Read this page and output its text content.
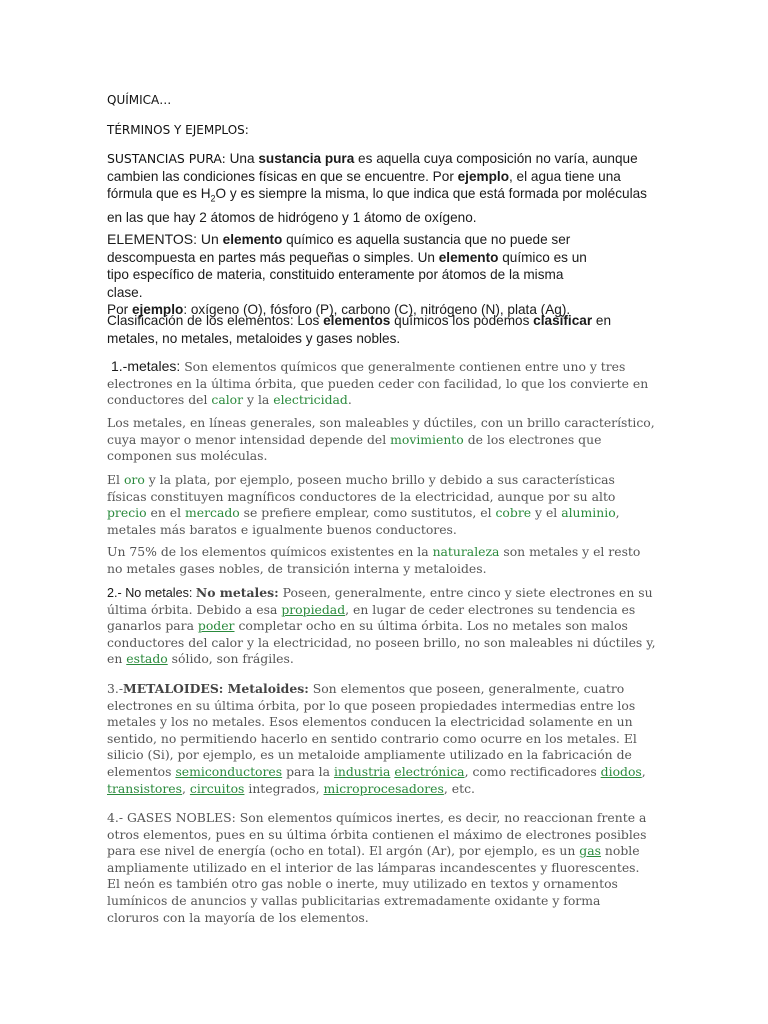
QUÍMICA…

TÉRMINOS Y EJEMPLOS:

SUSTANCIAS PURA: Una sustancia pura es aquella cuya composición no varía, aunque cambien las condiciones físicas en que se encuentre. Por ejemplo, el agua tiene una fórmula que es $H_2O$ y es siempre la misma, lo que indica que está formada por moléculas en las que hay 2 átomos de hidrógeno y 1 átomo de oxígeno.

ELEMENTOS: Un elemento químico es aquella sustancia que no puede ser descompuesta en partes más pequeñas o simples. Un elemento químico es un tipo específico de materia, constituido enteramente por átomos de la misma clase.
Por ejemplo: oxígeno (O), fósforo (P), carbono (C), nitrógeno (N), plata (Ag).

Clasificación de los elementos: Los elementos químicos los podemos clasificar en metales, no metales, metaloides y gases nobles.

1.-metales: Son elementos químicos que generalmente contienen entre uno y tres electrones en la última órbita, que pueden ceder con facilidad, lo que los convierte en conductores del calor y la electricidad.

Los metales, en líneas generales, son maleables y dúctiles, con un brillo característico, cuya mayor o menor intensidad depende del movimiento de los electrones que componen sus moléculas.

El oro y la plata, por ejemplo, poseen mucho brillo y debido a sus características físicas constituyen magníficos conductores de la electricidad, aunque por su alto precio en el mercado se prefiere emplear, como sustitutos, el cobre y el aluminio, metales más baratos e igualmente buenos conductores.

Un 75% de los elementos químicos existentes en la naturaleza son metales y el resto no metales gases nobles, de transición interna y metaloides.

2.- No metales: No metales: Poseen, generalmente, entre cinco y siete electrones en su última órbita. Debido a esa propiedad, en lugar de ceder electrones su tendencia es ganarlos para poder completar ocho en su última órbita. Los no metales son malos conductores del calor y la electricidad, no poseen brillo, no son maleables ni dúctiles y, en estado sólido, son frágiles.

3.-METALOIDES: Metaloides: Son elementos que poseen, generalmente, cuatro electrones en su última órbita, por lo que poseen propiedades intermedias entre los metales y los no metales. Esos elementos conducen la electricidad solamente en un sentido, no permitiendo hacerlo en sentido contrario como ocurre en los metales. El silicio (Si), por ejemplo, es un metaloide ampliamente utilizado en la fabricación de elementos semiconductores para la industria electrónica, como rectificadores diodos, transistores, circuitos integrados, microprocesadores, etc.

4.- GASES NOBLES: Son elementos químicos inertes, es decir, no reaccionan frente a otros elementos, pues en su última órbita contienen el máximo de electrones posibles para ese nivel de energía (ocho en total). El argón (Ar), por ejemplo, es un gas noble ampliamente utilizado en el interior de las lámparas incandescentes y fluorescentes. El neón es también otro gas noble o inerte, muy utilizado en textos y ornamentos lumínicos de anuncios y vallas publicitarias extremadamente oxidante y forma cloruros con la mayoría de los elementos.
